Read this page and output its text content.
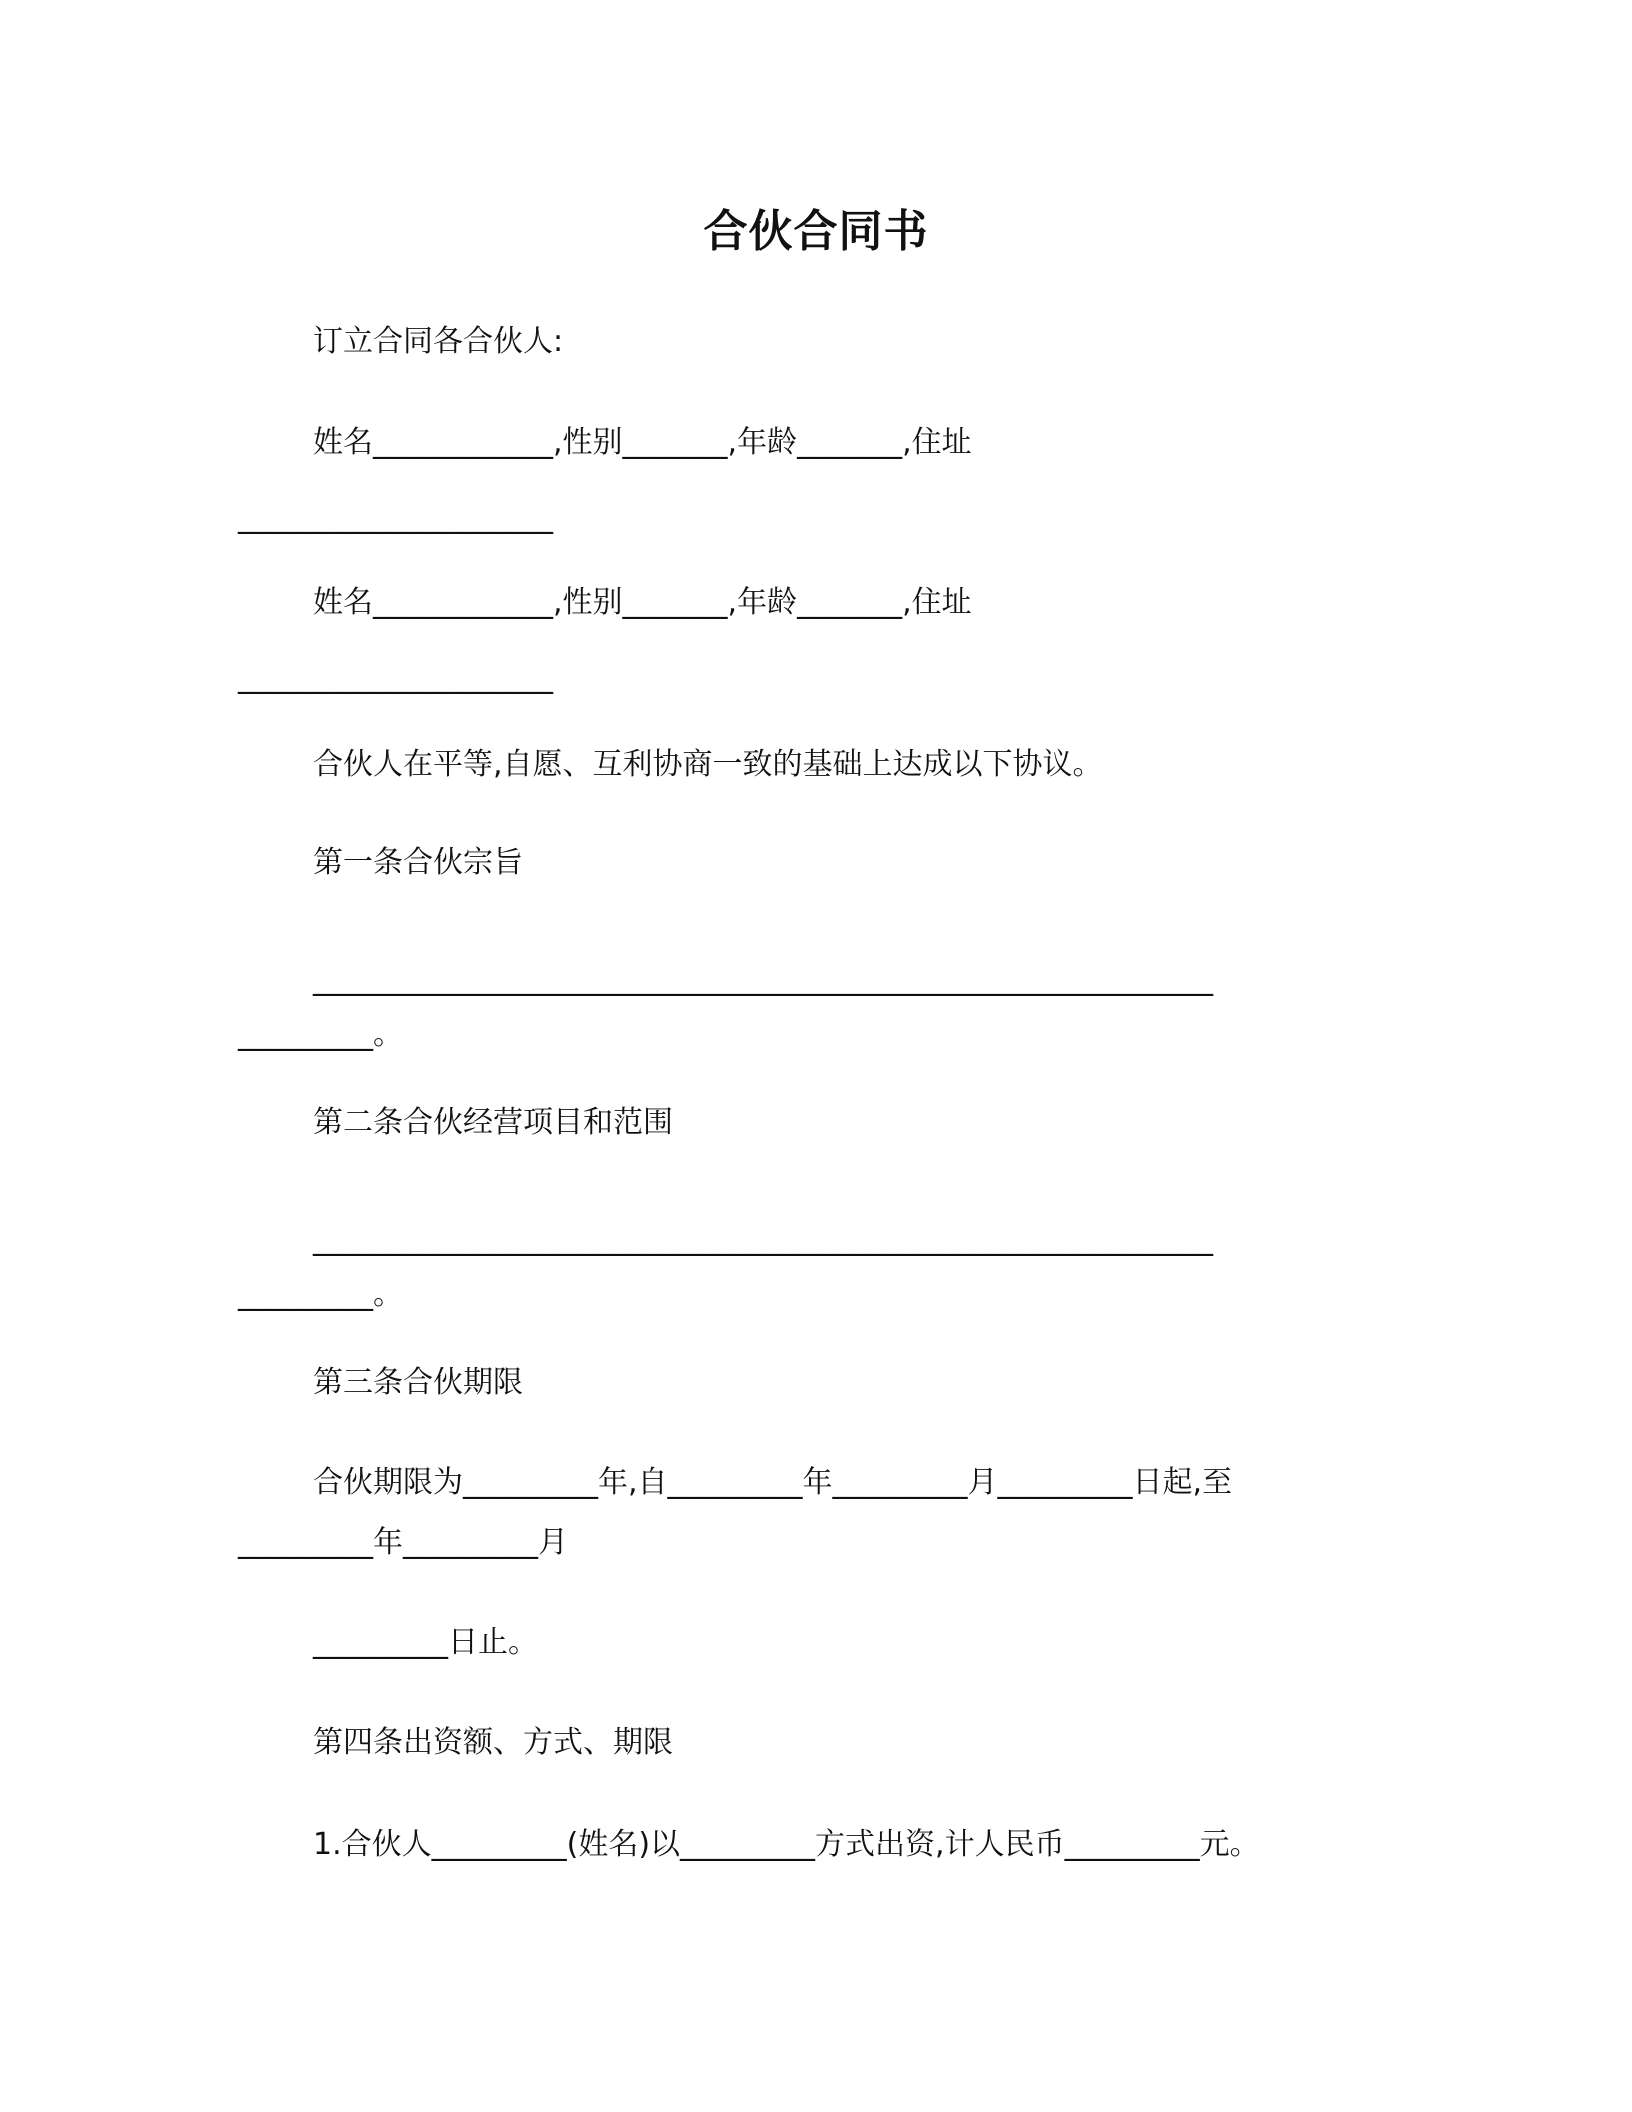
合伙合同书
订立合同各合伙人:
姓名____________,性别_______,年龄_______,住址
_____________________
姓名____________,性别_______,年龄_______,住址
_____________________
合伙人在平等,自愿、互利协商一致的基础上达成以下协议。
第一条合伙宗旨
____________________________________________________________
_________。
第二条合伙经营项目和范围
____________________________________________________________
_________。
第三条合伙期限
合伙期限为_________年,自_________年_________月_________日起,至
_________年_________月
_________日止。
第四条出资额、方式、期限
1.合伙人_________(姓名)以_________方式出资,计人民币_________元。
